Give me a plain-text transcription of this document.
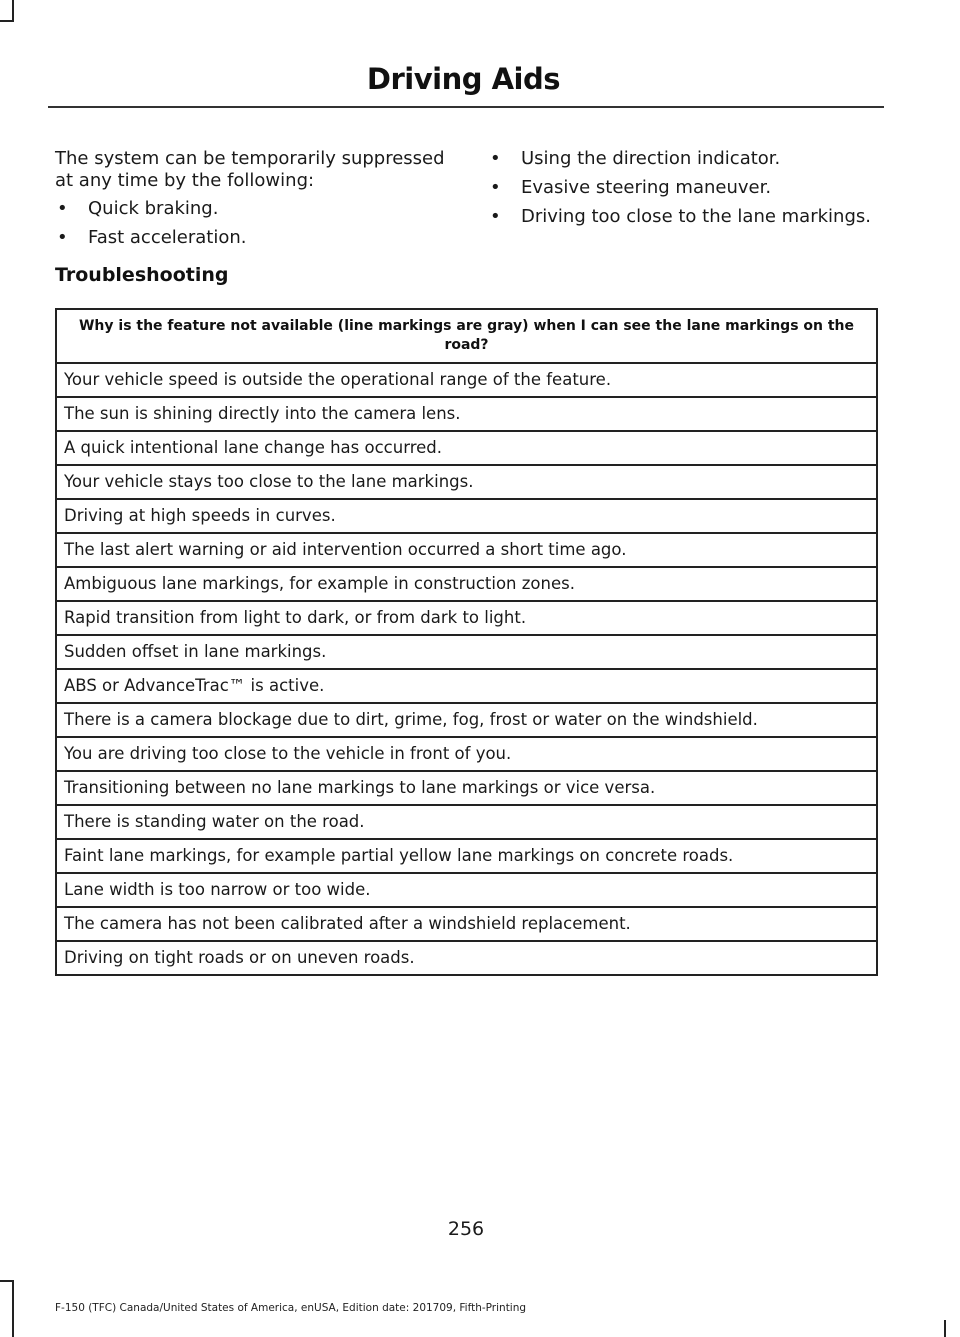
Driving Aids

The system can be temporarily suppressed at any time by the following:

• Quick braking.
• Fast acceleration.
• Using the direction indicator.
• Evasive steering maneuver.
• Driving too close to the lane markings.
Troubleshooting
Why is the feature not available (line markings are gray) when I can see the lane markings on the road?
Your vehicle speed is outside the operational range of the feature.
The sun is shining directly into the camera lens.
A quick intentional lane change has occurred.
Your vehicle stays too close to the lane markings.
Driving at high speeds in curves.
The last alert warning or aid intervention occurred a short time ago.
Ambiguous lane markings, for example in construction zones.
Rapid transition from light to dark, or from dark to light.
Sudden offset in lane markings.
ABS or AdvanceTrac™ is active.
There is a camera blockage due to dirt, grime, fog, frost or water on the windshield.
You are driving too close to the vehicle in front of you.
Transitioning between no lane markings to lane markings or vice versa.
There is standing water on the road.
Faint lane markings, for example partial yellow lane markings on concrete roads.
Lane width is too narrow or too wide.
The camera has not been calibrated after a windshield replacement.
Driving on tight roads or on uneven roads.
256
F-150 (TFC) Canada/United States of America, enUSA, Edition date: 201709, Fifth-Printing
